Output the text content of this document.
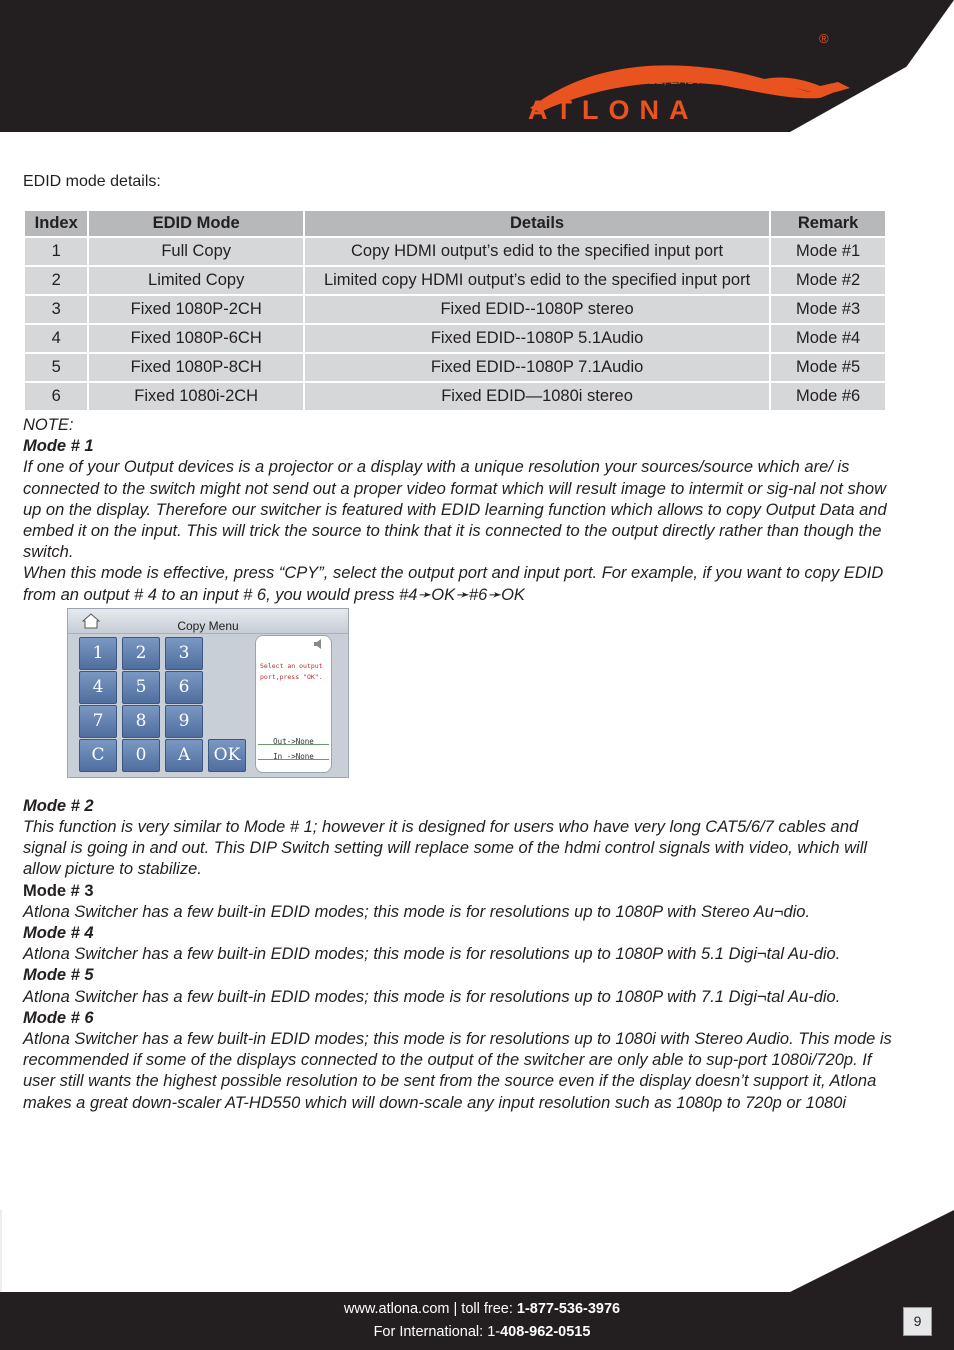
®
SIMPLE, EASY
ATLONA
EDID mode details:
Index	EDID Mode	Details	Remark
1	Full Copy	Copy HDMI output’s edid to the specified input port	Mode #1
2	Limited Copy	Limited copy HDMI output’s edid to the specified input port	Mode #2
3	Fixed 1080P-2CH	Fixed EDID--1080P stereo	Mode #3
4	Fixed 1080P-6CH	Fixed EDID--1080P 5.1Audio	Mode #4
5	Fixed 1080P-8CH	Fixed EDID--1080P 7.1Audio	Mode #5
6	Fixed 1080i-2CH	Fixed EDID—1080i stereo	Mode #6

NOTE:

Mode # 1

If one of your Output devices is a projector or a display with a unique resolution your sources/source which are/ is connected to the switch might not send out a proper video format which will result image to intermit or sig-nal not show up on the display. Therefore our switcher is featured with EDID learning function which allows to copy Output Data and embed it on the input. This will trick the source to think that it is connected to the output directly rather than though the switch.

When this mode is effective, press “CPY”, select the output port and input port. For example, if you want to copy EDID from an output # 4 to an input # 6, you would press #4➛OK➛#6➛OK

Mode # 2

This function is very similar to Mode # 1; however it is designed for users who have very long CAT5/6/7 cables and signal is going in and out. This DIP Switch setting will replace some of the hdmi control signals with video, which will allow picture to stabilize.

Mode # 3

Atlona Switcher has a few built-in EDID modes; this mode is for resolutions up to 1080P with Stereo Au¬dio.

Mode # 4

Atlona Switcher has a few built-in EDID modes; this mode is for resolutions up to 1080P with 5.1 Digi¬tal Au-dio.

Mode # 5

Atlona Switcher has a few built-in EDID modes; this mode is for resolutions up to 1080P with 7.1 Digi¬tal Au-dio.

Mode # 6

Atlona Switcher has a few built-in EDID modes; this mode is for resolutions up to 1080i with Stereo Audio. This mode is recommended if some of the displays connected to the output of the switcher are only able to sup-port 1080i/720p. If user still wants the highest possible resolution to be sent from the source even if the display doesn’t support it, Atlona makes a great down-scaler AT-HD550 which will down-scale any input resolution such as 1080p to 720p or 1080i

Copy Menu
1	2	3
4	5	6
7	8	9
C	0	A	OK
Select an output port,press "OK".
Out->None
In ->None
www.atlona.com | toll free: 1-877-536-3976
For International: 1-408-962-0515
9
